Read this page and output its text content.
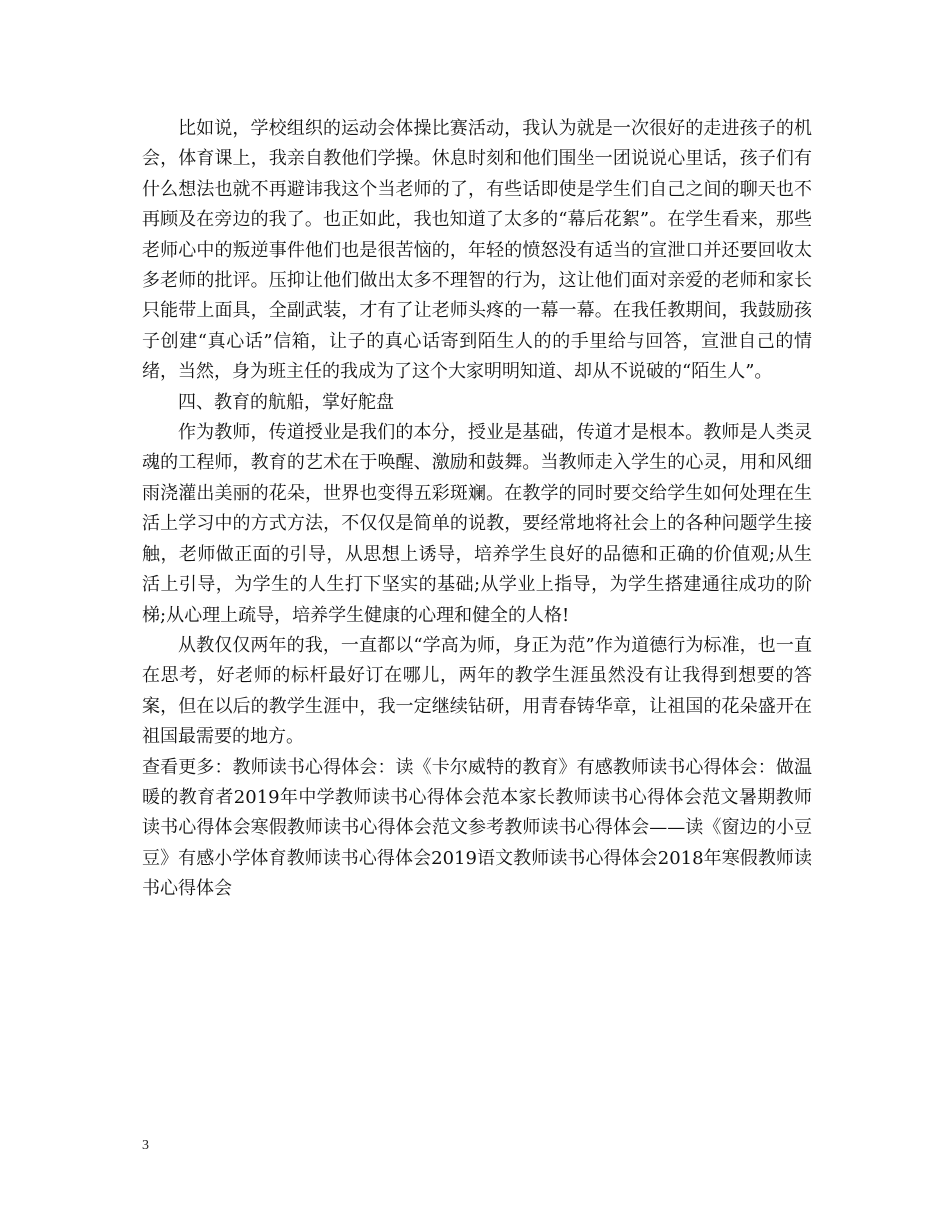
比如说，学校组织的运动会体操比赛活动，我认为就是一次很好的走进孩子的机会，体育课上，我亲自教他们学操。休息时刻和他们围坐一团说说心里话，孩子们有什么想法也就不再避讳我这个当老师的了，有些话即使是学生们自己之间的聊天也不再顾及在旁边的我了。也正如此，我也知道了太多的“幕后花絮”。在学生看来，那些老师心中的叛逆事件他们也是很苦恼的，年轻的愤怒没有适当的宣泄口并还要回收太多老师的批评。压抑让他们做出太多不理智的行为，这让他们面对亲爱的老师和家长只能带上面具，全副武装，才有了让老师头疼的一幕一幕。在我任教期间，我鼓励孩子创建“真心话”信箱，让子的真心话寄到陌生人的的手里给与回答，宣泄自己的情绪，当然，身为班主任的我成为了这个大家明明知道、却从不说破的“陌生人”。

四、教育的航船，掌好舵盘

作为教师，传道授业是我们的本分，授业是基础，传道才是根本。教师是人类灵魂的工程师，教育的艺术在于唤醒、激励和鼓舞。当教师走入学生的心灵，用和风细雨浇灌出美丽的花朵，世界也变得五彩斑斓。在教学的同时要交给学生如何处理在生活上学习中的方式方法，不仅仅是简单的说教，要经常地将社会上的各种问题学生接触，老师做正面的引导，从思想上诱导，培养学生良好的品德和正确的价值观;从生活上引导，为学生的人生打下坚实的基础;从学业上指导，为学生搭建通往成功的阶梯;从心理上疏导，培养学生健康的心理和健全的人格!

从教仅仅两年的我，一直都以“学高为师，身正为范”作为道德行为标准，也一直在思考，好老师的标杆最好订在哪儿，两年的教学生涯虽然没有让我得到想要的答案，但在以后的教学生涯中，我一定继续钻研，用青春铸华章，让祖国的花朵盛开在祖国最需要的地方。

查看更多：教师读书心得体会：读《卡尔威特的教育》有感教师读书心得体会：做温暖的教育者2019年中学教师读书心得体会范本家长教师读书心得体会范文暑期教师读书心得体会寒假教师读书心得体会范文参考教师读书心得体会——读《窗边的小豆豆》有感小学体育教师读书心得体会2019语文教师读书心得体会2018年寒假教师读书心得体会

3
